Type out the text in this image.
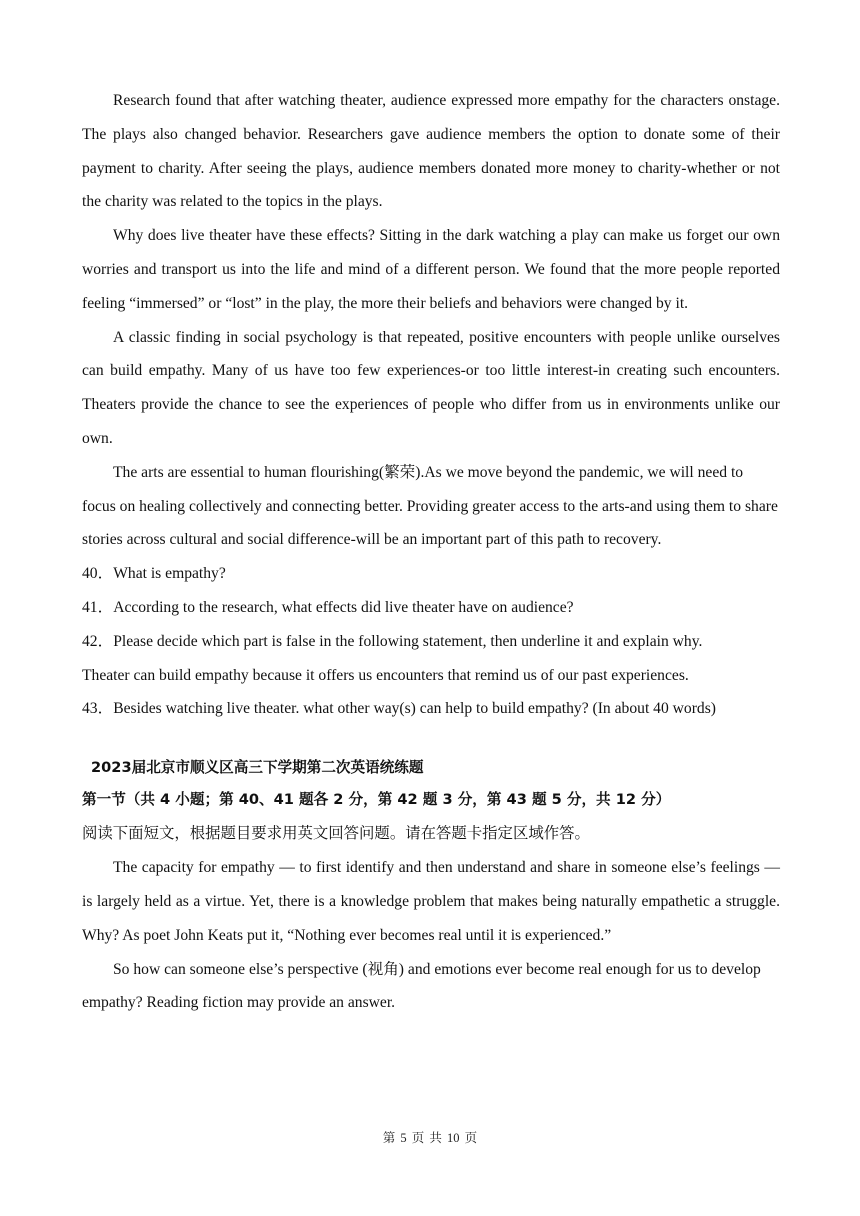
Research found that after watching theater, audience expressed more empathy for the characters onstage. The plays also changed behavior. Researchers gave audience members the option to donate some of their payment to charity. After seeing the plays, audience members donated more money to charity-whether or not the charity was related to the topics in the plays.

Why does live theater have these effects? Sitting in the dark watching a play can make us forget our own worries and transport us into the life and mind of a different person. We found that the more people reported feeling “immersed” or “lost” in the play, the more their beliefs and behaviors were changed by it.

A classic finding in social psychology is that repeated, positive encounters with people unlike ourselves can build empathy. Many of us have too few experiences-or too little interest-in creating such encounters. Theaters provide the chance to see the experiences of people who differ from us in environments unlike our own.

The arts are essential to human flourishing(繁荣).As we move beyond the pandemic, we will need to focus on healing collectively and connecting better. Providing greater access to the arts-and using them to share stories across cultural and social difference-will be an important part of this path to recovery.

40．What is empathy?

41．According to the research, what effects did live theater have on audience?

42．Please decide which part is false in the following statement, then underline it and explain why.

Theater can build empathy because it offers us encounters that remind us of our past experiences.

43．Besides watching live theater. what other way(s) can help to build empathy? (In about 40 words)

2023届北京市顺义区高三下学期第二次英语统练题

第一节（共 4 小题；第 40、41 题各 2 分，第 42 题 3 分，第 43 题 5 分，共 12 分）

阅读下面短文，根据题目要求用英文回答问题。请在答题卡指定区域作答。

The capacity for empathy — to first identify and then understand and share in someone else’s feelings — is largely held as a virtue. Yet, there is a knowledge problem that makes being naturally empathetic a struggle. Why? As poet John Keats put it, “Nothing ever becomes real until it is experienced.”

So how can someone else’s perspective (视角) and emotions ever become real enough for us to develop empathy? Reading fiction may provide an answer.

第 5 页 共 10 页
